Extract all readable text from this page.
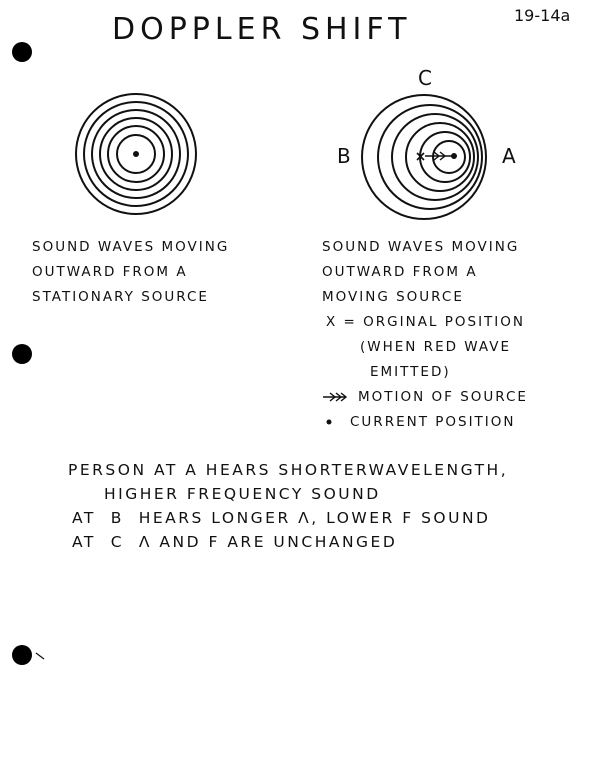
DOPPLER SHIFT	19-14a
C
B	A
SOUND WAVES MOVING
OUTWARD FROM A
STATIONARY SOURCE
SOUND WAVES MOVING
OUTWARD FROM A
MOVING SOURCE
X = ORGINAL POSITION
(WHEN RED WAVE
EMITTED)
MOTION OF SOURCE
CURRENT POSITION
PERSON AT A HEARS SHORTERWAVELENGTH,
HIGHER FREQUENCY SOUND
AT  B  HEARS LONGER Λ, LOWER F SOUND
AT  C  Λ AND F ARE UNCHANGED
